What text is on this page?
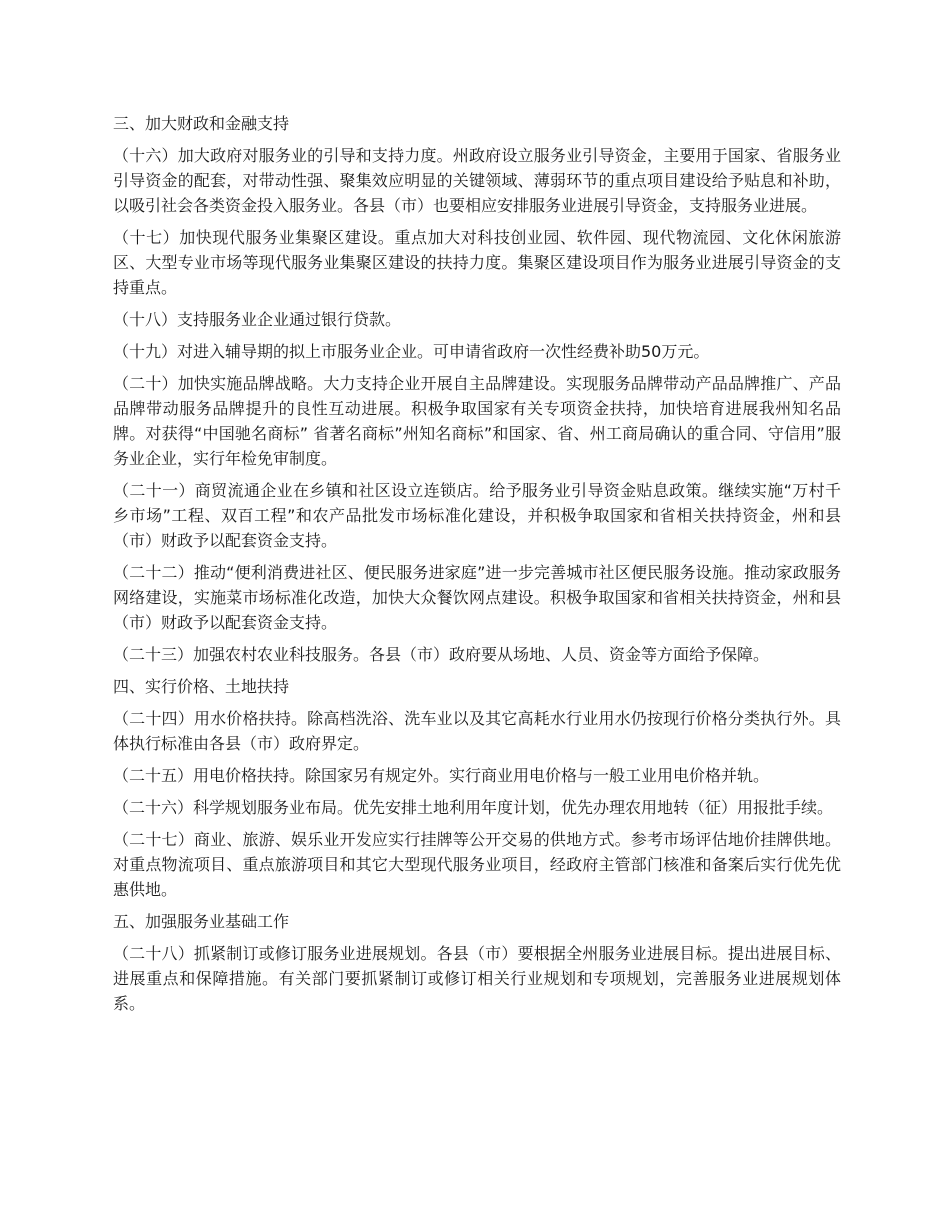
三、加大财政和金融支持

（十六）加大政府对服务业的引导和支持力度。州政府设立服务业引导资金，主要用于国家、省服务业引导资金的配套，对带动性强、聚集效应明显的关键领域、薄弱环节的重点项目建设给予贴息和补助，以吸引社会各类资金投入服务业。各县（市）也要相应安排服务业进展引导资金，支持服务业进展。

（十七）加快现代服务业集聚区建设。重点加大对科技创业园、软件园、现代物流园、文化休闲旅游区、大型专业市场等现代服务业集聚区建设的扶持力度。集聚区建设项目作为服务业进展引导资金的支持重点。

（十八）支持服务业企业通过银行贷款。

（十九）对进入辅导期的拟上市服务业企业。可申请省政府一次性经费补助50万元。

（二十）加快实施品牌战略。大力支持企业开展自主品牌建设。实现服务品牌带动产品品牌推广、产品品牌带动服务品牌提升的良性互动进展。积极争取国家有关专项资金扶持，加快培育进展我州知名品牌。对获得“中国驰名商标” 省著名商标”州知名商标”和国家、省、州工商局确认的重合同、守信用”服务业企业，实行年检免审制度。

（二十一）商贸流通企业在乡镇和社区设立连锁店。给予服务业引导资金贴息政策。继续实施“万村千乡市场”工程、双百工程”和农产品批发市场标准化建设，并积极争取国家和省相关扶持资金，州和县（市）财政予以配套资金支持。

（二十二）推动“便利消费进社区、便民服务进家庭”进一步完善城市社区便民服务设施。推动家政服务网络建设，实施菜市场标准化改造，加快大众餐饮网点建设。积极争取国家和省相关扶持资金，州和县（市）财政予以配套资金支持。

（二十三）加强农村农业科技服务。各县（市）政府要从场地、人员、资金等方面给予保障。

四、实行价格、土地扶持

（二十四）用水价格扶持。除高档洗浴、洗车业以及其它高耗水行业用水仍按现行价格分类执行外。具体执行标准由各县（市）政府界定。

（二十五）用电价格扶持。除国家另有规定外。实行商业用电价格与一般工业用电价格并轨。

（二十六）科学规划服务业布局。优先安排土地利用年度计划，优先办理农用地转（征）用报批手续。

（二十七）商业、旅游、娱乐业开发应实行挂牌等公开交易的供地方式。参考市场评估地价挂牌供地。对重点物流项目、重点旅游项目和其它大型现代服务业项目，经政府主管部门核准和备案后实行优先优惠供地。

五、加强服务业基础工作

（二十八）抓紧制订或修订服务业进展规划。各县（市）要根据全州服务业进展目标。提出进展目标、进展重点和保障措施。有关部门要抓紧制订或修订相关行业规划和专项规划，完善服务业进展规划体系。
